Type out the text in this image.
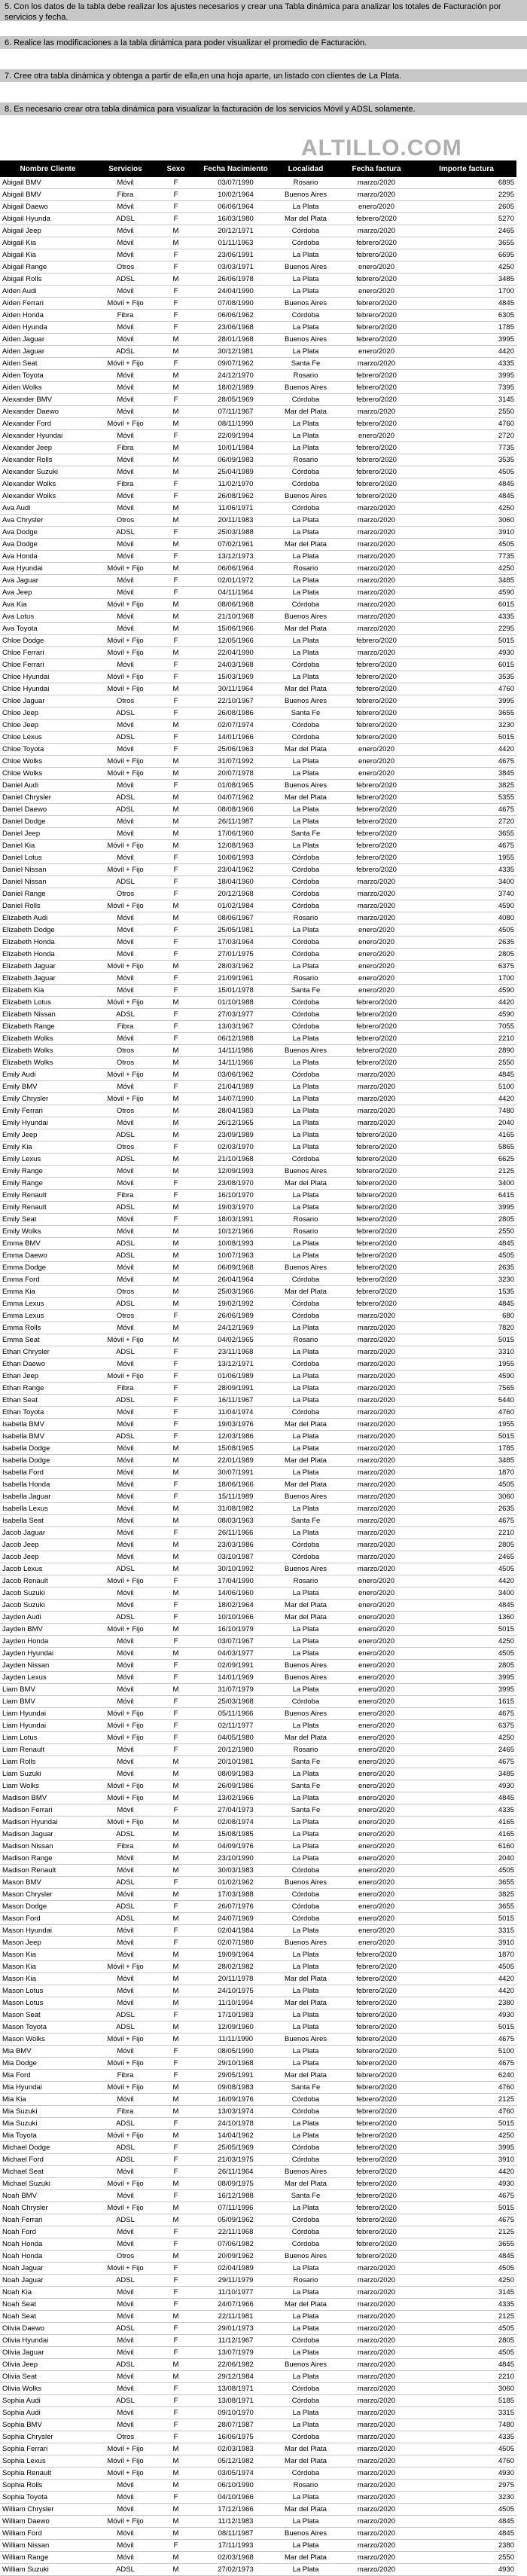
5. Con los datos de la tabla debe realizar los ajustes necesarios y crear una Tabla dinámica para analizar los totales de Facturación por servicios y fecha.
6. Realice las modificaciones a la tabla dinámica para poder visualizar el promedio de Facturación.
7. Cree otra tabla dinámica y obtenga a partir de ella,en una hoja aparte, un listado con clientes de La Plata.
8. Es necesario crear otra tabla dinámica para visualizar la facturación de los servicios Móvil y ADSL solamente.
ALTILLO.COM
Nombre Cliente	Servicios	Sexo	Fecha Nacimiento	Localidad	Fecha factura	Importe factura
Abigail BMV	Móvil	F	03/07/1990	Rosario	marzo/2020	6895
Abigail BMV	Fibra	F	10/02/1964	Buenos Aires	marzo/2020	2295
Abigail Daewo	Móvil	F	06/06/1964	La Plata	enero/2020	2605
Abigail Hyunda	ADSL	F	16/03/1980	Mar del Plata	febrero/2020	5270
Abigail Jeep	Móvil	M	20/12/1971	Córdoba	marzo/2020	2465
Abigail Kia	Móvil	M	01/11/1963	Córdoba	febrero/2020	3655
Abigail Kia	Móvil	F	23/06/1991	La Plata	febrero/2020	6695
Abigail Range	Otros	F	03/03/1971	Buenos Aires	enero/2020	4250
Abigail Rolls	ADSL	M	26/06/1978	La Plata	febrero/2020	3485
Aiden Audi	Móvil	F	24/04/1990	La Plata	enero/2020	1700
Aiden Ferrari	Móvil + Fijo	F	07/08/1990	Buenos Aires	febrero/2020	4845
Aiden Honda	Fibra	F	06/06/1962	Córdoba	febrero/2020	6305
Aiden Hyunda	Móvil	F	23/06/1968	La Plata	febrero/2020	1785
Aiden Jaguar	Móvil	M	28/01/1968	Buenos Aires	febrero/2020	3995
Aiden Jaguar	ADSL	M	30/12/1981	La Plata	enero/2020	4420
Aiden Seat	Móvil + Fijo	F	09/07/1962	Santa Fe	marzo/2020	4335
Aiden Toyota	Móvil	M	24/12/1970	Rosario	febrero/2020	3995
Aiden Wolks	Móvil	M	18/02/1989	Buenos Aires	febrero/2020	7395
Alexander BMV	Móvil	F	28/05/1969	Córdoba	febrero/2020	3145
Alexander Daewo	Móvil	M	07/11/1967	Mar del Plata	marzo/2020	2550
Alexander Ford	Móvil + Fijo	M	08/11/1990	La Plata	febrero/2020	4760
Alexander Hyundai	Móvil	F	22/09/1994	La Plata	enero/2020	2720
Alexander Jeep	Fibra	M	10/01/1984	La Plata	febrero/2020	7735
Alexander Rolls	Móvil	M	06/09/1983	Rosario	febrero/2020	3535
Alexander Suzuki	Móvil	M	25/04/1989	Córdoba	febrero/2020	4505
Alexander Wolks	Fibra	F	11/02/1970	Córdoba	febrero/2020	4845
Alexander Wolks	Móvil	F	26/08/1962	Buenos Aires	febrero/2020	4845
Ava Audi	Móvil	M	11/06/1971	Córdoba	marzo/2020	4250
Ava Chrysler	Otros	M	20/11/1983	La Plata	marzo/2020	3060
Ava Dodge	ADSL	F	25/03/1988	La Plata	marzo/2020	3910
Ava Dodge	Móvil	M	07/02/1961	Mar del Plata	marzo/2020	4505
Ava Honda	Móvil	F	13/12/1973	La Plata	marzo/2020	7735
Ava Hyundai	Móvil + Fijo	M	06/06/1964	Rosario	marzo/2020	4250
Ava Jaguar	Móvil	F	02/01/1972	La Plata	marzo/2020	3485
Ava Jeep	Móvil	F	04/11/1964	La Plata	marzo/2020	4590
Ava Kia	Móvil + Fijo	M	08/06/1968	Córdoba	marzo/2020	6015
Ava Lotus	Móvil	M	21/10/1968	Buenos Aires	marzo/2020	4335
Ava Toyota	Móvil	M	15/06/1966	Mar del Plata	marzo/2020	2295
Chloe Dodge	Móvil + Fijo	F	12/05/1966	La Plata	febrero/2020	5015
Chloe Ferrari	Móvil + Fijo	M	22/04/1990	La Plata	marzo/2020	4930
Chloe Ferrari	Móvil	F	24/03/1968	Córdoba	febrero/2020	6015
Chloe Hyundai	Móvil + Fijo	F	15/03/1969	La Plata	febrero/2020	3535
Chloe Hyundai	Móvil + Fijo	M	30/11/1964	Mar del Plata	febrero/2020	4760
Chloe Jaguar	Otros	F	22/10/1967	Buenos Aires	febrero/2020	3995
Chloe Jeep	ADSL	F	26/08/1986	Santa Fe	febrero/2020	3655
Chloe Jeep	Móvil	M	02/07/1974	Córdoba	febrero/2020	3230
Chloe Lexus	ADSL	F	14/01/1966	Córdoba	febrero/2020	5015
Chloe Toyota	Móvil	F	25/06/1963	Mar del Plata	enero/2020	4420
Chloe Wolks	Móvil + Fijo	M	31/07/1992	La Plata	enero/2020	4675
Chloe Wolks	Móvil + Fijo	M	20/07/1978	La Plata	enero/2020	3845
Daniel Audi	Móvil	F	01/08/1965	Buenos Aires	febrero/2020	3825
Daniel Chrysler	ADSL	M	04/07/1962	Mar del Plata	febrero/2020	5355
Daniel Daewo	ADSL	M	08/08/1966	La Plata	febrero/2020	4675
Daniel Dodge	Móvil	M	26/11/1987	La Plata	febrero/2020	2720
Daniel Jeep	Móvil	M	17/06/1960	Santa Fe	febrero/2020	3655
Daniel Kia	Móvil + Fijo	M	12/08/1963	La Plata	febrero/2020	4675
Daniel Lotus	Móvil	F	10/06/1993	Córdoba	febrero/2020	1955
Daniel Nissan	Móvil + Fijo	F	23/04/1962	Córdoba	febrero/2020	4335
Daniel Nissan	ADSL	F	18/04/1960	Córdoba	marzo/2020	3400
Daniel Range	Otros	F	20/12/1968	Córdoba	marzo/2020	3740
Daniel Rolls	Móvil + Fijo	M	01/02/1984	Córdoba	marzo/2020	4590
Elizabeth Audi	Móvil	M	08/06/1967	Rosario	marzo/2020	4080
Elizabeth Dodge	Móvil	F	25/05/1981	La Plata	enero/2020	4505
Elizabeth Honda	Móvil	F	17/03/1964	Córdoba	enero/2020	2635
Elizabeth Honda	Móvil	F	27/01/1975	Córdoba	enero/2020	2805
Elizabeth Jaguar	Móvil + Fijo	M	28/03/1962	La Plata	enero/2020	6375
Elizabeth Jaguar	Móvil	F	21/09/1961	Rosario	enero/2020	1700
Elizabeth Kia	Móvil	F	15/01/1978	Santa Fe	enero/2020	4590
Elizabeth Lotus	Móvil + Fijo	M	01/10/1988	Córdoba	febrero/2020	4420
Elizabeth Nissan	ADSL	F	27/03/1977	Córdoba	febrero/2020	4590
Elizabeth Range	Fibra	F	13/03/1967	Córdoba	febrero/2020	7055
Elizabeth Wolks	Móvil	F	06/12/1988	La Plata	febrero/2020	2210
Elizabeth Wolks	Otros	M	14/11/1986	Buenos Aires	febrero/2020	2890
Elizabeth Wolks	Otros	M	14/11/1966	La Plata	febrero/2020	2550
Emily Audi	Móvil + Fijo	M	03/06/1962	Córdoba	marzo/2020	4845
Emily BMV	Móvil	F	21/04/1989	La Plata	marzo/2020	5100
Emily Chrysler	Móvil + Fijo	M	14/07/1990	La Plata	marzo/2020	4420
Emily Ferrari	Otros	M	28/04/1983	La Plata	marzo/2020	7480
Emily Hyundai	Móvil	M	26/12/1965	La Plata	marzo/2020	2040
Emily Jeep	ADSL	M	23/09/1989	La Plata	febrero/2020	4165
Emily Kia	Otros	F	02/03/1970	La Plata	febrero/2020	5865
Emily Lexus	ADSL	M	21/10/1968	Córdoba	febrero/2020	6625
Emily Range	Móvil	M	12/09/1993	Buenos Aires	febrero/2020	2125
Emily Range	Móvil	F	23/08/1970	Mar del Plata	febrero/2020	3400
Emily Renault	Fibra	F	16/10/1970	La Plata	febrero/2020	6415
Emily Renault	ADSL	M	19/03/1970	La Plata	febrero/2020	3995
Emily Seat	Móvil	F	18/03/1991	Rosario	febrero/2020	2805
Emily Wolks	Móvil	M	10/12/1966	Rosario	febrero/2020	2550
Emma BMV	ADSL	M	10/08/1993	La Plata	febrero/2020	4845
Emma Daewo	ADSL	M	10/07/1963	La Plata	febrero/2020	4505
Emma Dodge	Móvil	M	06/09/1968	Buenos Aires	febrero/2020	2635
Emma Ford	Móvil	M	26/04/1964	Córdoba	febrero/2020	3230
Emma Kia	Otros	M	25/03/1966	Mar del Plata	febrero/2020	1535
Emma Lexus	ADSL	M	19/02/1992	Córdoba	febrero/2020	4845
Emma Lexus	Otros	F	26/06/1989	Córdoba	marzo/2020	680
Emma Rolls	Móvil	M	24/12/1969	La Plata	marzo/2020	7820
Emma Seat	Móvil + Fijo	M	04/02/1965	Rosario	marzo/2020	5015
Ethan Chrysler	ADSL	F	23/11/1968	La Plata	marzo/2020	3310
Ethan Daewo	Móvil	F	13/12/1971	Córdoba	marzo/2020	1955
Ethan Jeep	Móvil + Fijo	F	01/06/1989	La Plata	marzo/2020	4590
Ethan Range	Fibra	F	28/09/1991	La Plata	marzo/2020	7565
Ethan Seat	ADSL	F	16/11/1967	La Plata	marzo/2020	5440
Ethan Toyota	Móvil	F	11/04/1974	Córdoba	marzo/2020	4760
Isabella BMV	Móvil	F	19/03/1976	Mar del Plata	marzo/2020	1955
Isabella BMV	ADSL	F	12/03/1986	La Plata	marzo/2020	5015
Isabella Dodge	Móvil	M	15/08/1965	La Plata	marzo/2020	1785
Isabella Dodge	Móvil	M	22/01/1989	Mar del Plata	marzo/2020	3485
Isabella Ford	Móvil	M	30/07/1991	La Plata	marzo/2020	1870
Isabella Honda	Móvil	F	18/06/1966	Mar del Plata	marzo/2020	4505
Isabella Jaguar	Móvil	F	15/11/1989	Buenos Aires	marzo/2020	3060
Isabella Lexus	Móvil	M	31/08/1982	La Plata	marzo/2020	2635
Isabella Seat	Móvil	M	08/03/1963	Santa Fe	marzo/2020	4675
Jacob Jaguar	Móvil	F	26/11/1966	La Plata	marzo/2020	2210
Jacob Jeep	Móvil	M	23/03/1986	Córdoba	marzo/2020	2805
Jacob Jeep	Móvil	M	03/10/1987	Córdoba	marzo/2020	2465
Jacob Lexus	ADSL	M	30/10/1992	Buenos Aires	marzo/2020	4505
Jacob Renault	Móvil + Fijo	F	17/04/1990	Rosario	enero/2020	4420
Jacob Suzuki	Móvil	M	14/06/1960	La Plata	enero/2020	3400
Jacob Suzuki	Móvil	F	18/02/1964	Mar del Plata	enero/2020	4845
Jayden Audi	ADSL	F	10/10/1966	Mar del Plata	enero/2020	1360
Jayden BMV	Móvil + Fijo	M	16/10/1979	La Plata	enero/2020	5015
Jayden Honda	Móvil	F	03/07/1967	La Plata	enero/2020	4250
Jayden Hyundai	Móvil	M	04/03/1977	La Plata	enero/2020	4505
Jayden Nissan	Móvil	F	02/09/1991	Buenos Aires	enero/2020	2805
Jayden Lexus	Móvil	F	14/01/1969	Buenos Aires	enero/2020	3995
Liam BMV	Móvil	M	31/07/1979	La Plata	enero/2020	3995
Liam BMV	Móvil	F	25/03/1968	Córdoba	enero/2020	1615
Liam Hyundai	Móvil + Fijo	F	05/11/1966	Buenos Aires	enero/2020	4675
Liam Hyundai	Móvil + Fijo	F	02/11/1977	La Plata	enero/2020	6375
Liam Lotus	Móvil + Fijo	F	04/05/1980	Mar del Plata	enero/2020	4250
Liam Renault	Móvil	F	20/12/1980	Rosario	enero/2020	2465
Liam Rolls	Móvil	M	20/10/1981	Santa Fe	enero/2020	4675
Liam Suzuki	Móvil	M	08/09/1983	La Plata	enero/2020	3485
Liam Wolks	Móvil + Fijo	M	26/09/1986	Santa Fe	enero/2020	4930
Madison BMV	Móvil + Fijo	M	13/02/1966	La Plata	enero/2020	4845
Madison Ferrari	Móvil	F	27/04/1973	Santa Fe	enero/2020	4335
Madison Hyundai	Móvil + Fijo	M	02/08/1974	La Plata	enero/2020	4165
Madison Jaguar	ADSL	M	15/08/1985	La Plata	enero/2020	4165
Madison Nissan	Fibra	M	04/09/1976	La Plata	enero/2020	6160
Madison Range	Móvil	M	23/10/1990	La Plata	enero/2020	2040
Madison Renault	Móvil	M	30/03/1983	Córdoba	enero/2020	4505
Mason BMV	ADSL	F	01/02/1962	Buenos Aires	enero/2020	3655
Mason Chrysler	Móvil	M	17/03/1988	Córdoba	enero/2020	3825
Mason Dodge	ADSL	F	26/07/1976	Córdoba	enero/2020	3655
Mason Ford	ADSL	M	24/07/1969	Córdoba	enero/2020	5015
Mason Hyundai	Móvil	F	02/04/1984	La Plata	enero/2020	3315
Mason Jeep	Móvil	F	02/07/1980	Buenos Aires	enero/2020	3910
Mason Kia	Móvil	M	19/09/1964	La Plata	febrero/2020	1870
Mason Kia	Móvil + Fijo	M	28/02/1982	La Plata	febrero/2020	4505
Mason Kia	Móvil	M	20/11/1978	Mar del Plata	febrero/2020	4420
Mason Lotus	Móvil	M	24/10/1975	La Plata	febrero/2020	4420
Mason Lotus	Móvil	M	11/10/1994	Mar del Plata	febrero/2020	2380
Mason Seat	ADSL	F	17/10/1983	La Plata	febrero/2020	4930
Mason Toyota	ADSL	M	12/09/1960	La Plata	febrero/2020	5015
Mason Wolks	Móvil + Fijo	M	11/11/1990	Buenos Aires	febrero/2020	4675
Mia BMV	Móvil	F	08/05/1990	La Plata	febrero/2020	5100
Mia Dodge	Móvil + Fijo	F	29/10/1968	La Plata	febrero/2020	4675
Mia Ford	Fibra	F	29/05/1991	Mar del Plata	febrero/2020	6240
Mia Hyundai	Móvil + Fijo	M	09/08/1983	Santa Fe	febrero/2020	4760
Mia Kia	Móvil	M	16/09/1976	Córdoba	febrero/2020	2125
Mia Suzuki	Fibra	M	13/03/1974	Córdoba	febrero/2020	4760
Mia Suzuki	ADSL	F	24/10/1978	La Plata	febrero/2020	5015
Mia Toyota	Móvil + Fijo	M	14/04/1962	La Plata	febrero/2020	4250
Michael Dodge	ADSL	F	25/05/1969	Córdoba	febrero/2020	3995
Michael Ford	ADSL	F	21/03/1975	Córdoba	febrero/2020	3910
Michael Seat	Móvil	F	26/11/1964	Buenos Aires	febrero/2020	4420
Michael Suzuki	Móvil + Fijo	M	08/09/1975	Mar del Plata	febrero/2020	4930
Noah BMV	Móvil	F	16/12/1988	Santa Fe	febrero/2020	4675
Noah Chrysler	Móvil + Fijo	M	07/11/1996	La Plata	febrero/2020	5015
Noah Ferrari	ADSL	M	05/09/1962	Córdoba	febrero/2020	4675
Noah Ford	Móvil	F	22/11/1968	Córdoba	febrero/2020	2125
Noah Honda	Móvil	F	07/06/1982	Córdoba	febrero/2020	3655
Noah Honda	Otros	M	20/09/1962	Buenos Aires	febrero/2020	4845
Noah Jaguar	Móvil + Fijo	F	02/04/1989	La Plata	marzo/2020	4505
Noah Jaguar	ADSL	F	29/11/1979	Rosario	marzo/2020	4250
Noah Kia	Móvil	F	11/10/1977	La Plata	marzo/2020	3145
Noah Seat	Móvil	F	24/07/1966	Mar del Plata	marzo/2020	4335
Noah Seat	Móvil	M	22/11/1981	La Plata	marzo/2020	2125
Olivia Daewo	ADSL	F	29/01/1973	La Plata	marzo/2020	4505
Olivia Hyundai	Móvil	F	11/12/1967	Córdoba	marzo/2020	2805
Olivia Jaguar	Móvil	F	13/07/1979	La Plata	marzo/2020	4505
Olivia Jeep	ADSL	M	22/06/1982	Buenos Aires	marzo/2020	4845
Olivia Seat	Móvil	M	29/12/1984	La Plata	marzo/2020	2210
Olivia Wolks	Móvil	F	13/08/1971	Córdoba	marzo/2020	3060
Sophia Audi	ADSL	F	13/08/1971	Córdoba	marzo/2020	5185
Sophia Audi	Móvil	F	09/10/1970	La Plata	marzo/2020	3315
Sophia BMV	Móvil	F	28/07/1987	La Plata	marzo/2020	7480
Sophia Chrysler	Otros	F	16/06/1975	Córdoba	marzo/2020	4335
Sophia Ferrari	Móvil + Fijo	M	02/03/1983	Mar del Plata	marzo/2020	4505
Sophia Lexus	Móvil + Fijo	M	05/12/1982	Mar del Plata	marzo/2020	4760
Sophia Renault	Móvil + Fijo	M	03/05/1974	Córdoba	marzo/2020	4930
Sophia Rolls	Móvil	M	06/10/1990	Rosario	marzo/2020	2975
Sophia Toyota	Móvil	F	04/10/1966	La Plata	marzo/2020	3230
William Chrysler	Móvil	M	17/12/1966	Mar del Plata	marzo/2020	4505
William Daewo	Móvil + Fijo	M	11/12/1983	La Plata	marzo/2020	4845
William Ford	Móvil	M	08/11/1987	Buenos Aires	marzo/2020	4845
William Nissan	Móvil	F	17/11/1993	La Plata	marzo/2020	2380
William Range	Móvil	M	02/03/1968	Mar del Plata	marzo/2020	2550
William Suzuki	ADSL	M	27/02/1973	La Plata	marzo/2020	4930
